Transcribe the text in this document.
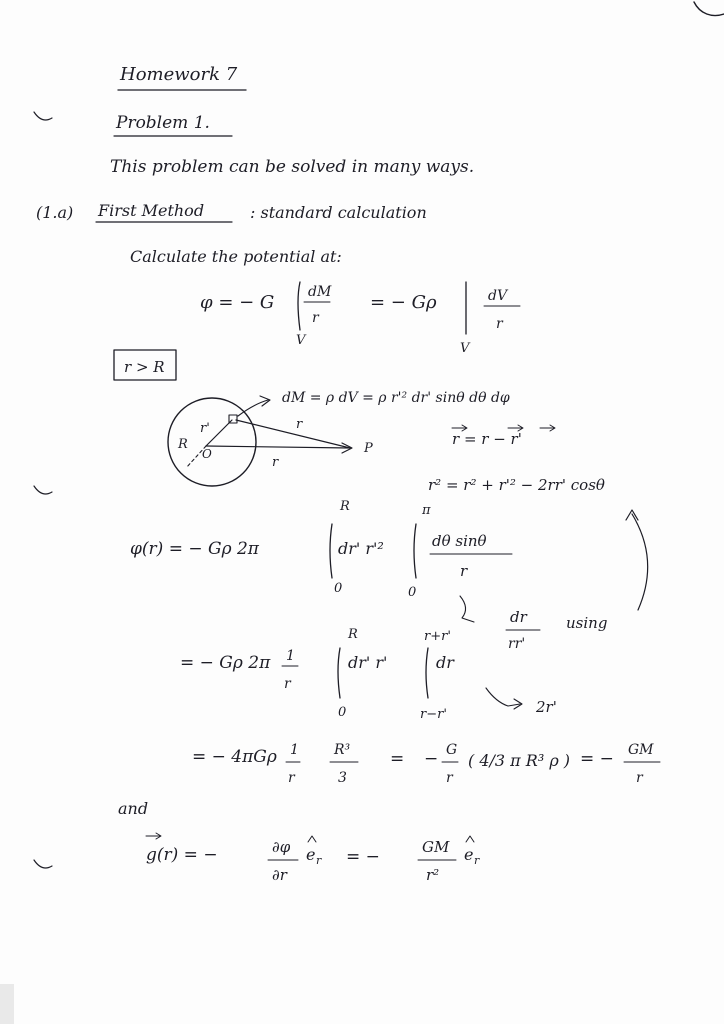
Homework 7
Problem 1.
This problem can be solved in many ways.
(1.a) First Method	: standard calculation
Calculate the potential at:
φ = − G dM
r
V
= − Gρ	dV
r
V
r > R
dM = ρ dV = ρ r'² dr' sinθ dθ dφ
r'
R
O
r
r
P
r = r − r'
r² = r² + r'² − 2rr' cosθ
φ(r) = − Gρ 2π
R
0
dr' r'²
π
0
dθ sinθ
r
dr
rr'
using
= − Gρ 2π 1
r
R
0
dr' r'
r+r'
r−r'
dr
2r'
= − 4πGρ 1
r
R³
3
= − G
r
( 4/3 π R³ ρ ) = − GM
r
and
g(r) = −	∂φ
∂r
e r = −	GM
r²
e r
